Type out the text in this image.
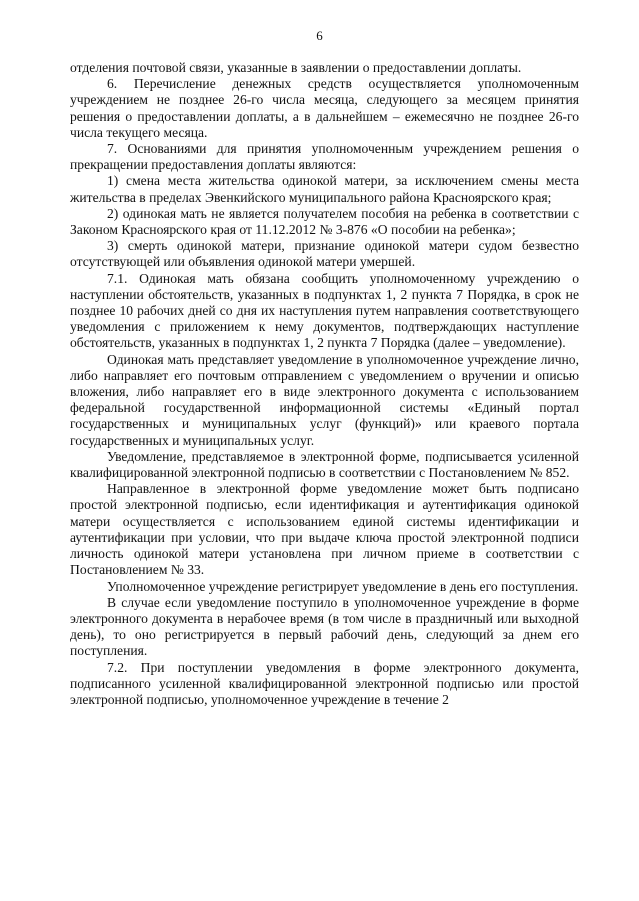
6

отделения почтовой связи, указанные в заявлении о предоставлении доплаты.

6. Перечисление денежных средств осуществляется уполномоченным учреждением не позднее 26-го числа месяца, следующего за месяцем принятия решения о предоставлении доплаты, а в дальнейшем – ежемесячно не позднее 26-го числа текущего месяца.

7. Основаниями для принятия уполномоченным учреждением решения о прекращении предоставления доплаты являются:

1) смена места жительства одинокой матери, за исключением смены места жительства в пределах Эвенкийского муниципального района Красноярского края;

2) одинокая мать не является получателем пособия на ребенка в соответствии с Законом Красноярского края от 11.12.2012 № 3-876 «О пособии на ребенка»;

3) смерть одинокой матери, признание одинокой матери судом безвестно отсутствующей или объявления одинокой матери умершей.

7.1. Одинокая мать обязана сообщить уполномоченному учреждению о наступлении обстоятельств, указанных в подпунктах 1, 2 пункта 7 Порядка, в срок не позднее 10 рабочих дней со дня их наступления путем направления соответствующего уведомления с приложением к нему документов, подтверждающих наступление обстоятельств, указанных в подпунктах 1, 2 пункта 7 Порядка (далее – уведомление).

Одинокая мать представляет уведомление в уполномоченное учреждение лично, либо направляет его почтовым отправлением с уведомлением о вручении и описью вложения, либо направляет его в виде электронного документа с использованием федеральной государственной информационной системы «Единый портал государственных и муниципальных услуг (функций)» или краевого портала государственных и муниципальных услуг.

Уведомление, представляемое в электронной форме, подписывается усиленной квалифицированной электронной подписью в соответствии с Постановлением № 852.

Направленное в электронной форме уведомление может быть подписано простой электронной подписью, если идентификация и аутентификация одинокой матери осуществляется с использованием единой системы идентификации и аутентификации при условии, что при выдаче ключа простой электронной подписи личность одинокой матери установлена при личном приеме в соответствии с Постановлением № 33.

Уполномоченное учреждение регистрирует уведомление в день его поступления.

В случае если уведомление поступило в уполномоченное учреждение в форме электронного документа в нерабочее время (в том числе в праздничный или выходной день), то оно регистрируется в первый рабочий день, следующий за днем его поступления.

7.2. При поступлении уведомления в форме электронного документа, подписанного усиленной квалифицированной электронной подписью или простой электронной подписью, уполномоченное учреждение в течение 2
